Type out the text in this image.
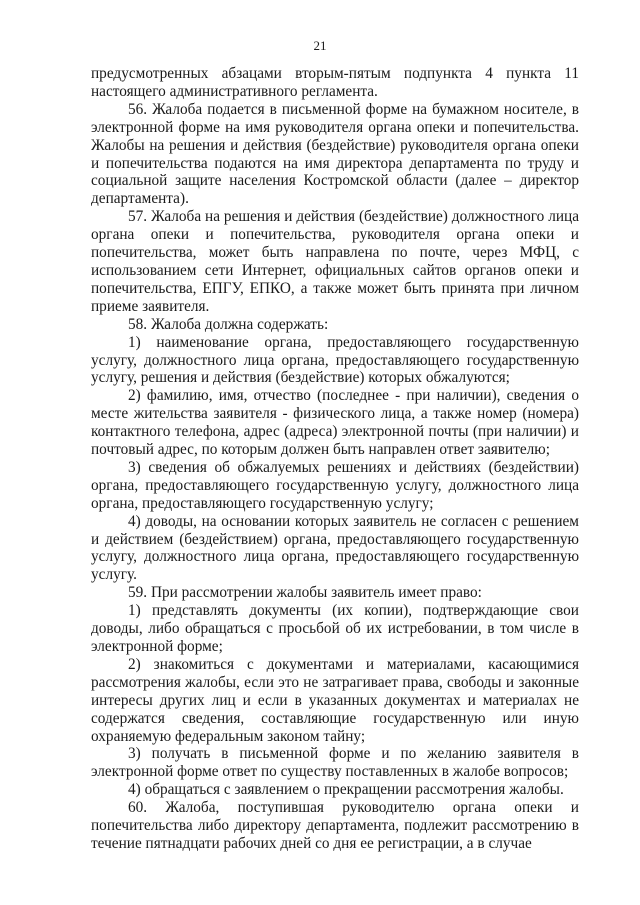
21

предусмотренных абзацами вторым-пятым подпункта 4 пункта 11 настоящего административного регламента.

56. Жалоба подается в письменной форме на бумажном носителе, в электронной форме на имя руководителя органа опеки и попечительства. Жалобы на решения и действия (бездействие) руководителя органа опеки и попечительства подаются на имя директора департамента по труду и социальной защите населения Костромской области (далее – директор департамента).

57. Жалоба на решения и действия (бездействие) должностного лица органа опеки и попечительства, руководителя органа опеки и попечительства, может быть направлена по почте, через МФЦ, с использованием сети Интернет, официальных сайтов органов опеки и попечительства, ЕПГУ, ЕПКО, а также может быть принята при личном приеме заявителя.

58. Жалоба должна содержать:

1) наименование органа, предоставляющего государственную услугу, должностного лица органа, предоставляющего государственную услугу, решения и действия (бездействие) которых обжалуются;

2) фамилию, имя, отчество (последнее - при наличии), сведения о месте жительства заявителя - физического лица, а также номер (номера) контактного телефона, адрес (адреса) электронной почты (при наличии) и почтовый адрес, по которым должен быть направлен ответ заявителю;

3) сведения об обжалуемых решениях и действиях (бездействии) органа, предоставляющего государственную услугу, должностного лица органа, предоставляющего государственную услугу;

4) доводы, на основании которых заявитель не согласен с решением и действием (бездействием) органа, предоставляющего государственную услугу, должностного лица органа, предоставляющего государственную услугу.

59. При рассмотрении жалобы заявитель имеет право:

1) представлять документы (их копии), подтверждающие свои доводы, либо обращаться с просьбой об их истребовании, в том числе в электронной форме;

2) знакомиться с документами и материалами, касающимися рассмотрения жалобы, если это не затрагивает права, свободы и законные интересы других лиц и если в указанных документах и материалах не содержатся сведения, составляющие государственную или иную охраняемую федеральным законом тайну;

3) получать в письменной форме и по желанию заявителя в электронной форме ответ по существу поставленных в жалобе вопросов;

4) обращаться с заявлением о прекращении рассмотрения жалобы.

60. Жалоба, поступившая руководителю органа опеки и попечительства либо директору департамента, подлежит рассмотрению в течение пятнадцати рабочих дней со дня ее регистрации, а в случае
